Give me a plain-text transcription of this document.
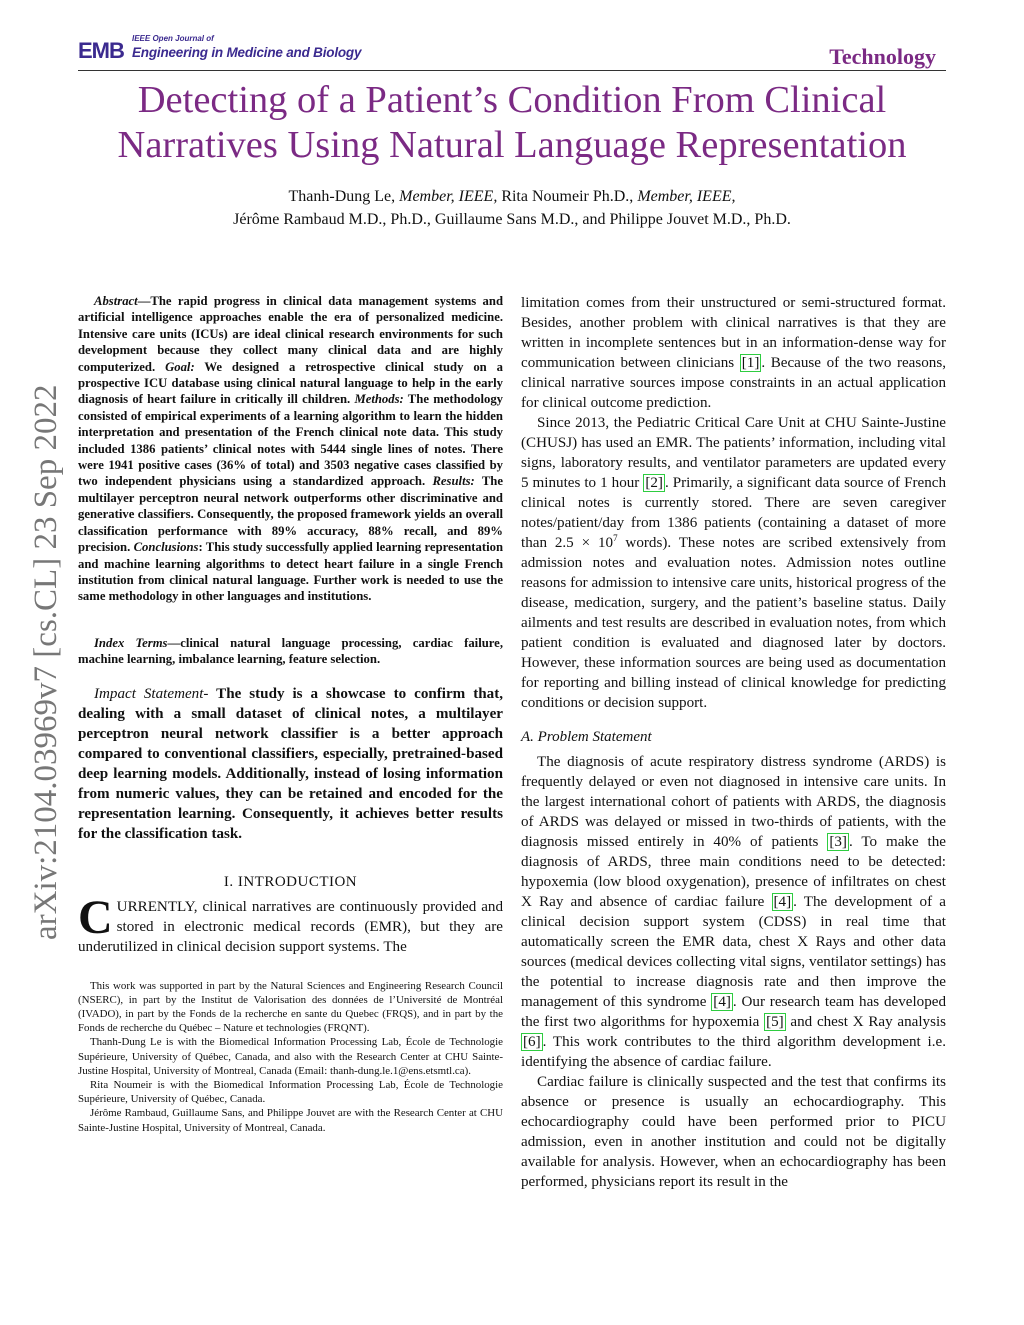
EMB IEEE Open Journal of
Engineering in Medicine and Biology	Technology
Detecting of a Patient’s Condition From Clinical
Narratives Using Natural Language Representation
Thanh-Dung Le, Member, IEEE, Rita Noumeir Ph.D., Member, IEEE,
Jérôme Rambaud M.D., Ph.D., Guillaume Sans M.D., and Philippe Jouvet M.D., Ph.D.
arXiv:2104.03969v7 [cs.CL] 23 Sep 2022

Abstract—The rapid progress in clinical data management systems and artificial intelligence approaches enable the era of personalized medicine. Intensive care units (ICUs) are ideal clinical research environments for such development because they collect many clinical data and are highly computerized. Goal: We designed a retrospective clinical study on a prospective ICU database using clinical natural language to help in the early diagnosis of heart failure in critically ill children. Methods: The methodology consisted of empirical experiments of a learning algorithm to learn the hidden interpretation and presentation of the French clinical note data. This study included 1386 patients’ clinical notes with 5444 single lines of notes. There were 1941 positive cases (36% of total) and 3503 negative cases classified by two independent physicians using a standardized approach. Results: The multilayer perceptron neural network outperforms other discriminative and generative classifiers. Consequently, the proposed framework yields an overall classification performance with 89% accuracy, 88% recall, and 89% precision. Conclusions: This study successfully applied learning representation and machine learning algorithms to detect heart failure in a single French institution from clinical natural language. Further work is needed to use the same methodology in other languages and institutions.

Index Terms—clinical natural language processing, cardiac failure, machine learning, imbalance learning, feature selection.

Impact Statement- The study is a showcase to confirm that, dealing with a small dataset of clinical notes, a multilayer perceptron neural network classifier is a better approach compared to conventional classifiers, especially, pretrained-based deep learning models. Additionally, instead of losing information from numeric values, they can be retained and encoded for the representation learning. Consequently, it achieves better results for the classification task.

I. INTRODUCTION

CURRENTLY, clinical narratives are continuously provided and stored in electronic medical records (EMR), but they are underutilized in clinical decision support systems. The

This work was supported in part by the Natural Sciences and Engineering Research Council (NSERC), in part by the Institut de Valorisation des données de l’Université de Montréal (IVADO), in part by the Fonds de la recherche en sante du Quebec (FRQS), and in part by the Fonds de recherche du Québec – Nature et technologies (FRQNT).

Thanh-Dung Le is with the Biomedical Information Processing Lab, École de Technologie Supérieure, University of Québec, Canada, and also with the Research Center at CHU Sainte-Justine Hospital, University of Montreal, Canada (Email: thanh-dung.le.1@ens.etsmtl.ca).

Rita Noumeir is with the Biomedical Information Processing Lab, École de Technologie Supérieure, University of Québec, Canada.

Jérôme Rambaud, Guillaume Sans, and Philippe Jouvet are with the Research Center at CHU Sainte-Justine Hospital, University of Montreal, Canada.

limitation comes from their unstructured or semi-structured format. Besides, another problem with clinical narratives is that they are written in incomplete sentences but in an information-dense way for communication between clinicians [1] . Because of the two reasons, clinical narrative sources impose constraints in an actual application for clinical outcome prediction.

Since 2013, the Pediatric Critical Care Unit at CHU Sainte-Justine (CHUSJ) has used an EMR. The patients’ information, including vital signs, laboratory results, and ventilator parameters are updated every 5 minutes to 1 hour [2] . Primarily, a significant data source of French clinical notes is currently stored. There are seven caregiver notes/patient/day from 1386 patients (containing a dataset of more than $2.5 \times 10^7$ words). These notes are scribed extensively from admission notes and evaluation notes. Admission notes outline reasons for admission to intensive care units, historical progress of the disease, medication, surgery, and the patient’s baseline status. Daily ailments and test results are described in evaluation notes, from which patient condition is evaluated and diagnosed later by doctors. However, these information sources are being used as documentation for reporting and billing instead of clinical knowledge for predicting conditions or decision support.

A. Problem Statement

The diagnosis of acute respiratory distress syndrome (ARDS) is frequently delayed or even not diagnosed in intensive care units. In the largest international cohort of patients with ARDS, the diagnosis of ARDS was delayed or missed in two-thirds of patients, with the diagnosis missed entirely in 40% of patients [3] . To make the diagnosis of ARDS, three main conditions need to be detected: hypoxemia (low blood oxygenation), presence of infiltrates on chest X Ray and absence of cardiac failure [4] . The development of a clinical decision support system (CDSS) in real time that automatically screen the EMR data, chest X Rays and other data sources (medical devices collecting vital signs, ventilator settings) has the potential to increase diagnosis rate and then improve the management of this syndrome [4] . Our research team has developed the first two algorithms for hypoxemia [5] and chest X Ray analysis [6] . This work contributes to the third algorithm development i.e. identifying the absence of cardiac failure.

Cardiac failure is clinically suspected and the test that confirms its absence or presence is usually an echocardiography. This echocardiography could have been performed prior to PICU admission, even in another institution and could not be digitally available for analysis. However, when an echocardiography has been performed, physicians report its result in the
